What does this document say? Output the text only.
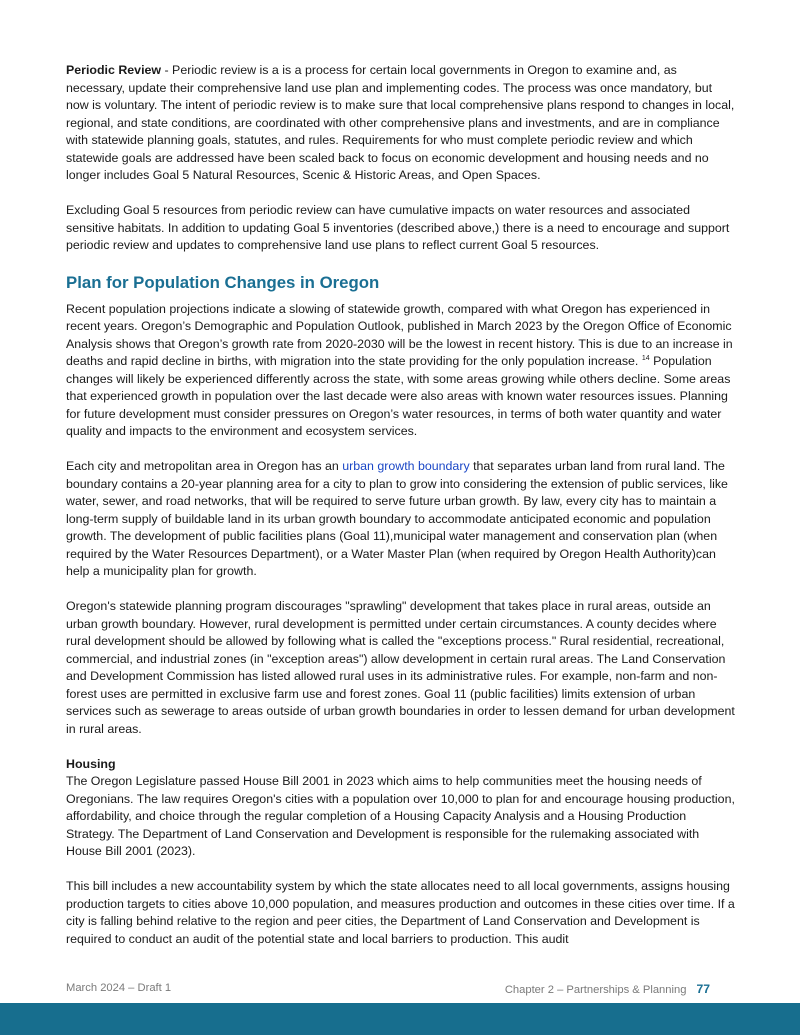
Periodic Review - Periodic review is a is a process for certain local governments in Oregon to examine and, as necessary, update their comprehensive land use plan and implementing codes. The process was once mandatory, but now is voluntary. The intent of periodic review is to make sure that local comprehensive plans respond to changes in local, regional, and state conditions, are coordinated with other comprehensive plans and investments, and are in compliance with statewide planning goals, statutes, and rules. Requirements for who must complete periodic review and which statewide goals are addressed have been scaled back to focus on economic development and housing needs and no longer includes Goal 5 Natural Resources, Scenic & Historic Areas, and Open Spaces.

Excluding Goal 5 resources from periodic review can have cumulative impacts on water resources and associated sensitive habitats. In addition to updating Goal 5 inventories (described above,) there is a need to encourage and support periodic review and updates to comprehensive land use plans to reflect current Goal 5 resources.

Plan for Population Changes in Oregon

Recent population projections indicate a slowing of statewide growth, compared with what Oregon has experienced in recent years. Oregon’s Demographic and Population Outlook, published in March 2023 by the Oregon Office of Economic Analysis shows that Oregon’s growth rate from 2020-2030 will be the lowest in recent history. This is due to an increase in deaths and rapid decline in births, with migration into the state providing for the only population increase. $^{14}$ Population changes will likely be experienced differently across the state, with some areas growing while others decline. Some areas that experienced growth in population over the last decade were also areas with known water resources issues. Planning for future development must consider pressures on Oregon’s water resources, in terms of both water quantity and water quality and impacts to the environment and ecosystem services.

Each city and metropolitan area in Oregon has an urban growth boundary that separates urban land from rural land. The boundary contains a 20-year planning area for a city to plan to grow into considering the extension of public services, like water, sewer, and road networks, that will be required to serve future urban growth. By law, every city has to maintain a long-term supply of buildable land in its urban growth boundary to accommodate anticipated economic and population growth. The development of public facilities plans (Goal 11),municipal water management and conservation plan (when required by the Water Resources Department), or a Water Master Plan (when required by Oregon Health Authority)can help a municipality plan for growth.

Oregon's statewide planning program discourages "sprawling" development that takes place in rural areas, outside an urban growth boundary. However, rural development is permitted under certain circumstances. A county decides where rural development should be allowed by following what is called the "exceptions process." Rural residential, recreational, commercial, and industrial zones (in "exception areas") allow development in certain rural areas. The Land Conservation and Development Commission has listed allowed rural uses in its administrative rules. For example, non-farm and non-forest uses are permitted in exclusive farm use and forest zones. Goal 11 (public facilities) limits extension of urban services such as sewerage to areas outside of urban growth boundaries in order to lessen demand for urban development in rural areas.

Housing
The Oregon Legislature passed House Bill 2001 in 2023 which aims to help communities meet the housing needs of Oregonians. The law requires Oregon's cities with a population over 10,000 to plan for and encourage housing production, affordability, and choice through the regular completion of a Housing Capacity Analysis and a Housing Production Strategy. The Department of Land Conservation and Development is responsible for the rulemaking associated with House Bill 2001 (2023).

This bill includes a new accountability system by which the state allocates need to all local governments, assigns housing production targets to cities above 10,000 population, and measures production and outcomes in these cities over time. If a city is falling behind relative to the region and peer cities, the Department of Land Conservation and Development is required to conduct an audit of the potential state and local barriers to production. This audit

March 2024 – Draft 1	Chapter 2 – Partnerships & Planning 77
